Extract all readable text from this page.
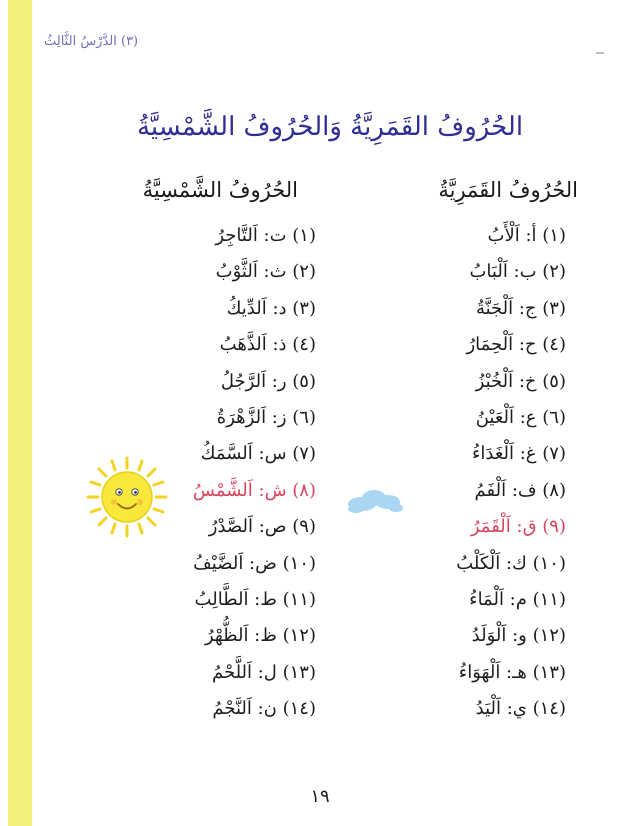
(٣) الدَّرْسُ الثَّالِثُ
الحُرُوفُ القَمَرِيَّةُ وَالحُرُوفُ الشَّمْسِيَّةُ
الحُرُوفُ الشَّمْسِيَّةُ	الحُرُوفُ القَمَرِيَّةُ
(١) ت: اَلتَّاجِرُ
(٢) ث: اَلثَّوْبُ
(٣) د: اَلدِّيكُ
(٤) ذ: اَلذَّهَبُ
(٥) ر: اَلرَّجُلُ
(٦) ز: اَلزَّهْرَةُ
(٧) س: اَلسَّمَكُ
(٨) ش: اَلشَّمْسُ
(٩) ص: اَلصَّدْرُ
(١٠) ض: اَلضَّيْفُ
(١١) ط: اَلطَّالِبُ
(١٢) ظ: اَلظُّهْرُ
(١٣) ل: اَللَّحْمُ
(١٤) ن: اَلنَّجْمُ
(١) أ: اَلْأَبُ
(٢) ب: اَلْبَابُ
(٣) ج: اَلْجَنَّةُ
(٤) ح: اَلْحِمَارُ
(٥) خ: اَلْخُبْزُ
(٦) ع: اَلْعَيْنُ
(٧) غ: اَلْغَدَاءُ
(٨) ف: اَلْفَمُ
(٩) ق: اَلْقَمَرُ
(١٠) ك: اَلْكَلْبُ
(١١) م: اَلْمَاءُ
(١٢) و: اَلْوَلَدُ
(١٣) هـ: اَلْهَوَاءُ
(١٤) ي: اَلْيَدُ
١٩
